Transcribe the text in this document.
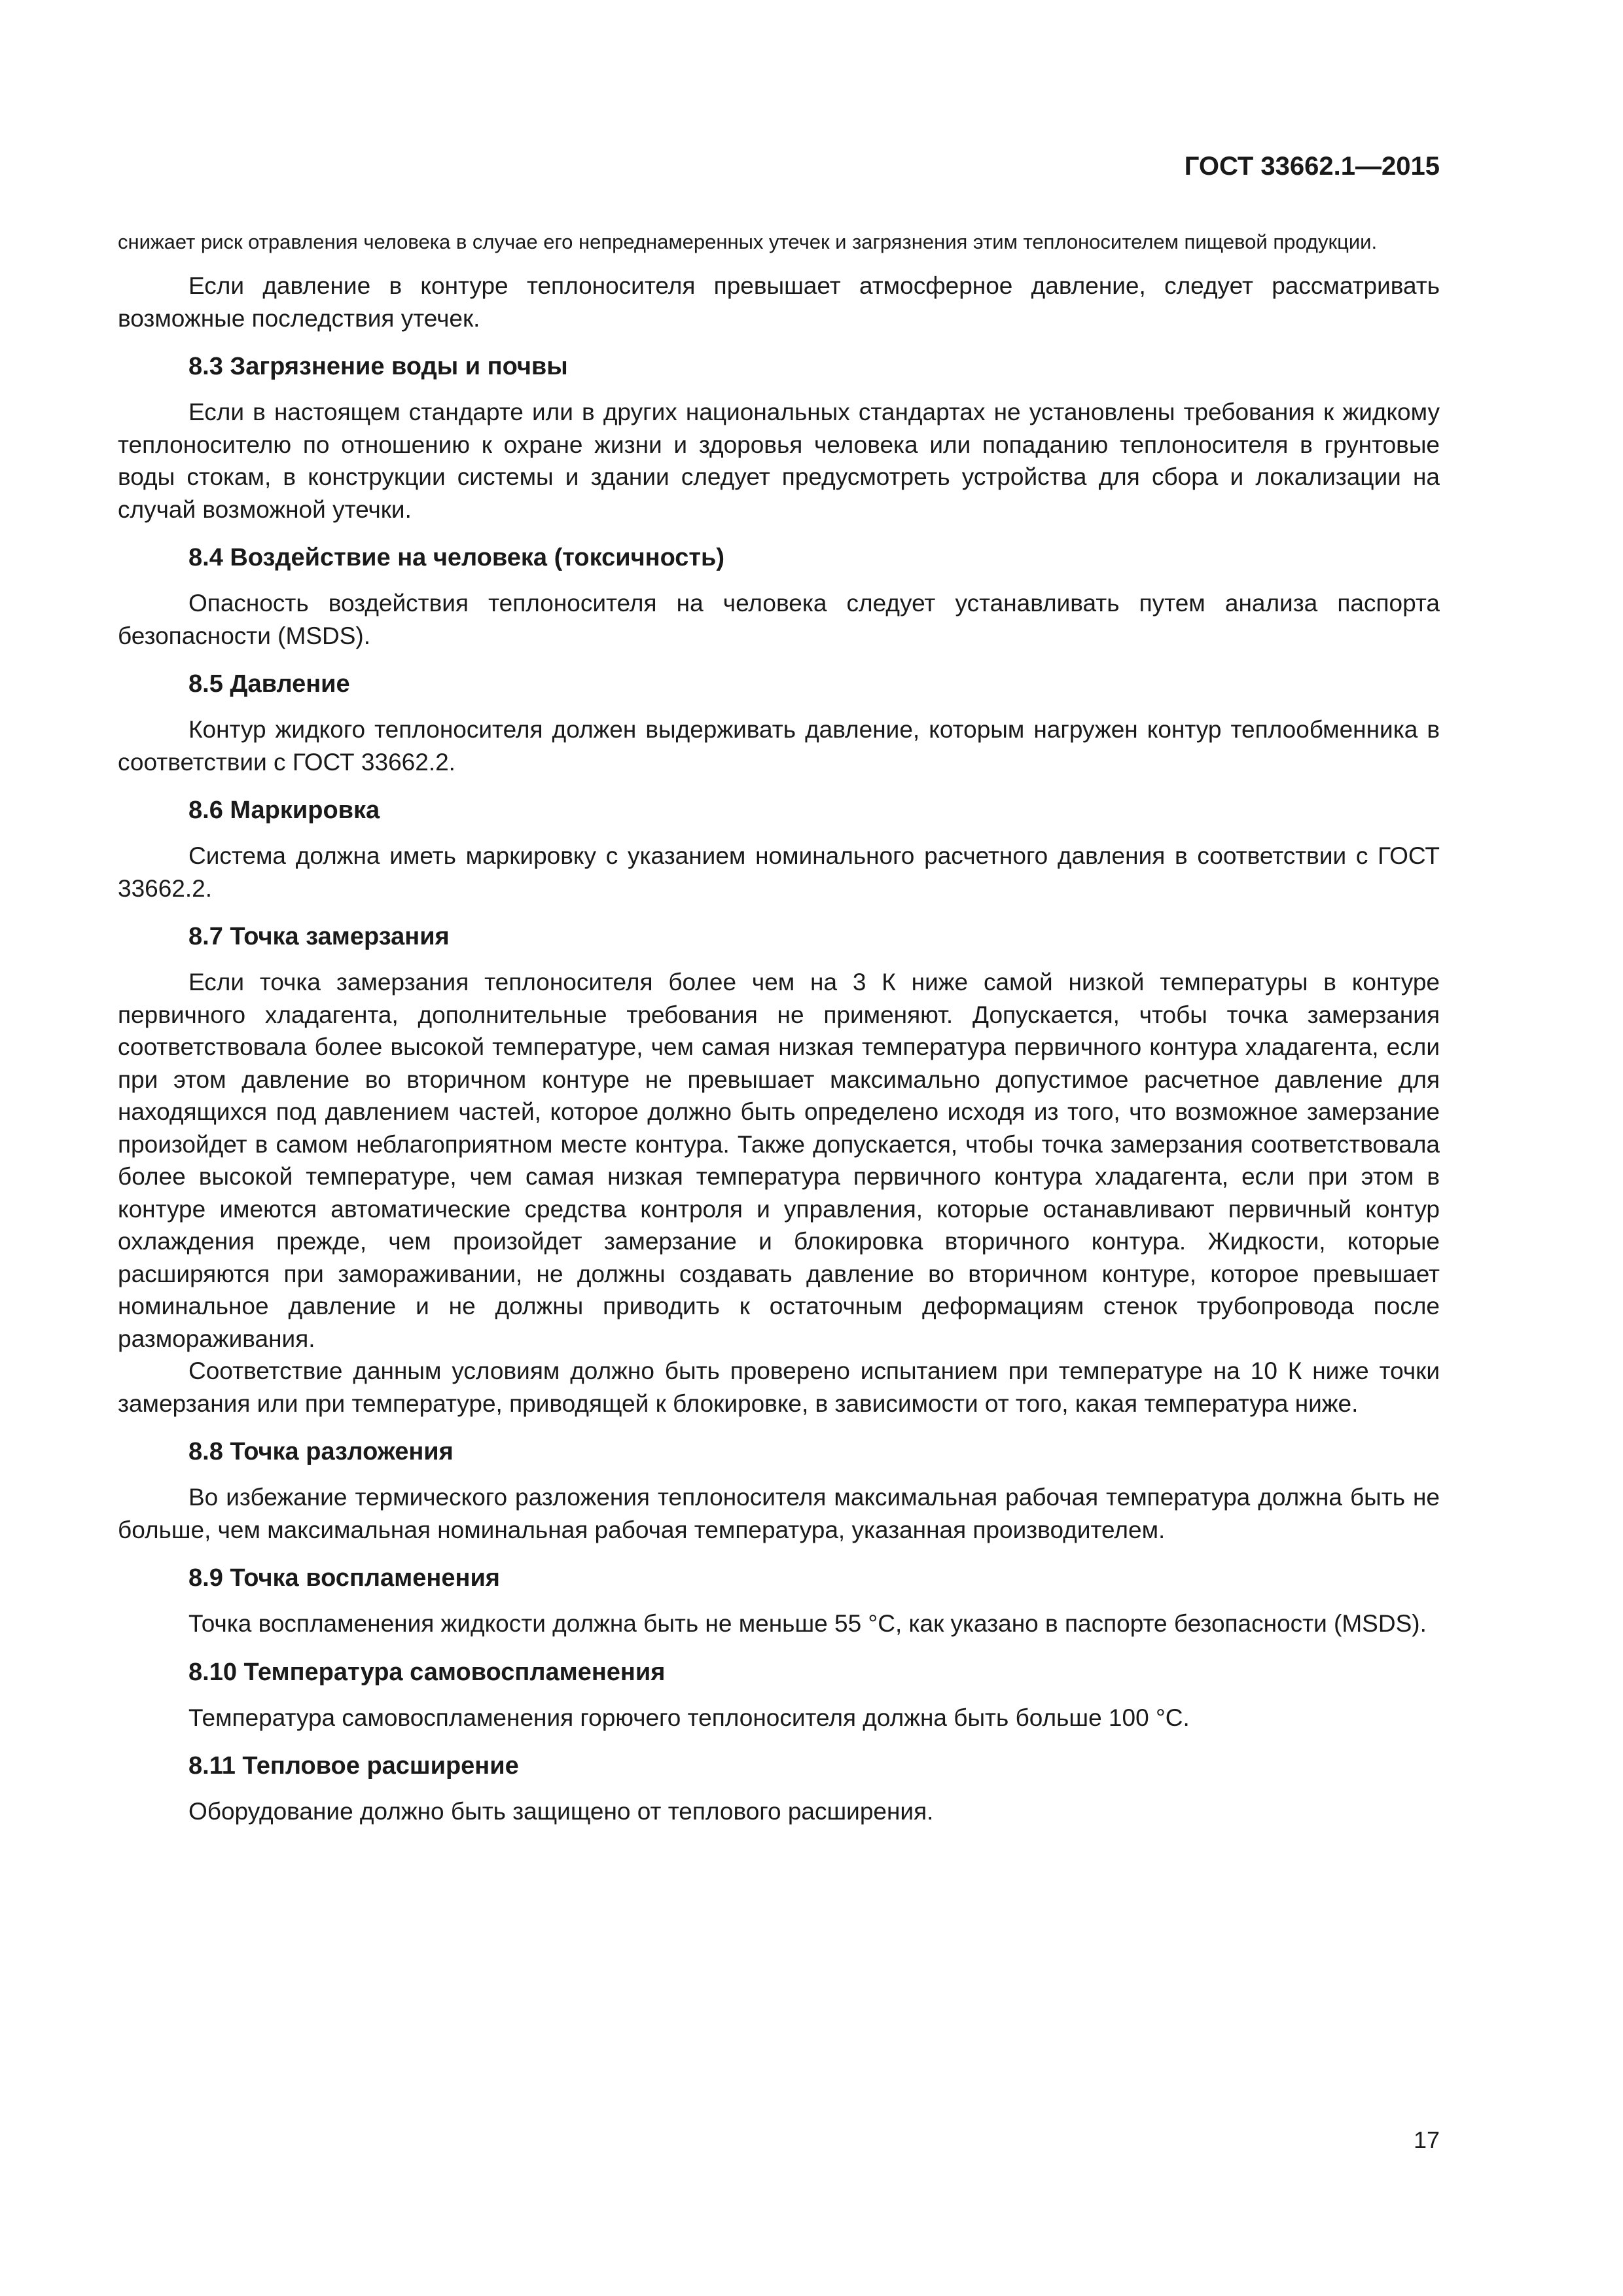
ГОСТ 33662.1—2015

снижает риск отравления человека в случае его непреднамеренных утечек и загрязнения этим теплоносителем пищевой продукции.

Если давление в контуре теплоносителя превышает атмосферное давление, следует рассматривать возможные последствия утечек.

8.3 Загрязнение воды и почвы

Если в настоящем стандарте или в других национальных стандартах не установлены требования к жидкому теплоносителю по отношению к охране жизни и здоровья человека или попаданию теплоносителя в грунтовые воды стокам, в конструкции системы и здании следует предусмотреть устройства для сбора и локализации на случай возможной утечки.

8.4 Воздействие на человека (токсичность)

Опасность воздействия теплоносителя на человека следует устанавливать путем анализа паспорта безопасности (MSDS).

8.5 Давление

Контур жидкого теплоносителя должен выдерживать давление, которым нагружен контур теплообменника в соответствии с ГОСТ 33662.2.

8.6 Маркировка

Система должна иметь маркировку с указанием номинального расчетного давления в соответствии с ГОСТ 33662.2.

8.7 Точка замерзания

Если точка замерзания теплоносителя более чем на 3 К ниже самой низкой температуры в контуре первичного хладагента, дополнительные требования не применяют. Допускается, чтобы точка замерзания соответствовала более высокой температуре, чем самая низкая температура первичного контура хладагента, если при этом давление во вторичном контуре не превышает максимально допустимое расчетное давление для находящихся под давлением частей, которое должно быть определено исходя из того, что возможное замерзание произойдет в самом неблагоприятном месте контура. Также допускается, чтобы точка замерзания соответствовала более высокой температуре, чем самая низкая температура первичного контура хладагента, если при этом в контуре имеются автоматические средства контроля и управления, которые останавливают первичный контур охлаждения прежде, чем произойдет замерзание и блокировка вторичного контура. Жидкости, которые расширяются при замораживании, не должны создавать давление во вторичном контуре, которое превышает номинальное давление и не должны приводить к остаточным деформациям стенок трубопровода после размораживания.

Соответствие данным условиям должно быть проверено испытанием при температуре на 10 К ниже точки замерзания или при температуре, приводящей к блокировке, в зависимости от того, какая температура ниже.

8.8 Точка разложения

Во избежание термического разложения теплоносителя максимальная рабочая температура должна быть не больше, чем максимальная номинальная рабочая температура, указанная производителем.

8.9 Точка воспламенения

Точка воспламенения жидкости должна быть не меньше 55 °С, как указано в паспорте безопасности (MSDS).

8.10 Температура самовоспламенения

Температура самовоспламенения горючего теплоносителя должна быть больше 100 °С.

8.11 Тепловое расширение

Оборудование должно быть защищено от теплового расширения.

17
